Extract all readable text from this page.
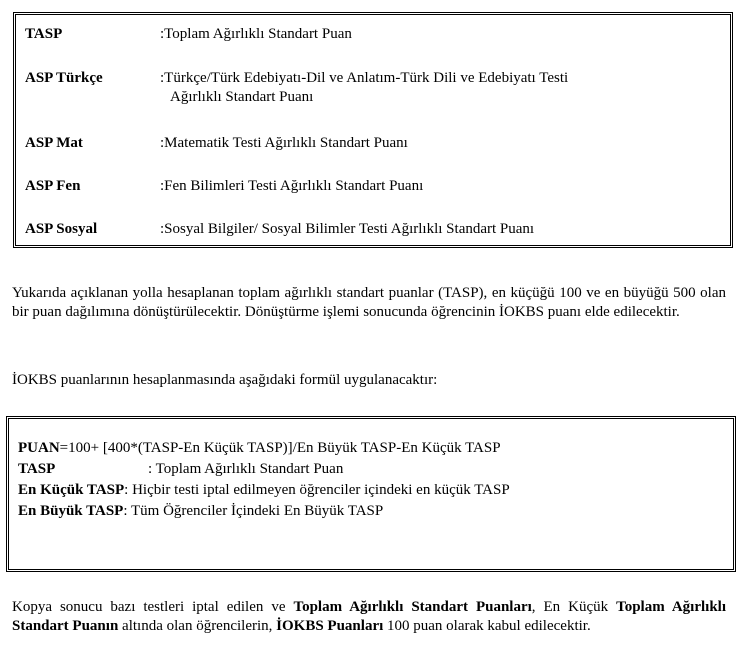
TASP	:Toplam Ağırlıklı Standart Puan
ASP Türkçe	:Türkçe/Türk Edebiyatı-Dil ve Anlatım-Türk Dili ve Edebiyatı Testi
Ağırlıklı Standart Puanı
ASP Mat	:Matematik Testi Ağırlıklı Standart Puanı
ASP Fen	:Fen Bilimleri Testi Ağırlıklı Standart Puanı
ASP Sosyal	:Sosyal Bilgiler/ Sosyal Bilimler Testi Ağırlıklı Standart Puanı
Yukarıda açıklanan yolla hesaplanan toplam ağırlıklı standart puanlar (TASP), en küçüğü 100 ve en büyüğü 500 olan bir puan dağılımına dönüştürülecektir. Dönüştürme işlemi sonucunda öğrencinin İOKBS puanı elde edilecektir.
İOKBS puanlarının hesaplanmasında aşağıdaki formül uygulanacaktır:
PUAN=100+ [400*(TASP-En Küçük TASP)]/En Büyük TASP-En Küçük TASP
TASP	: Toplam Ağırlıklı Standart Puan
En Küçük TASP: Hiçbir testi iptal edilmeyen öğrenciler içindeki en küçük TASP
En Büyük TASP: Tüm Öğrenciler İçindeki En Büyük TASP
Kopya sonucu bazı testleri iptal edilen ve Toplam Ağırlıklı Standart Puanları, En Küçük Toplam Ağırlıklı Standart Puanın altında olan öğrencilerin, İOKBS Puanları 100 puan olarak kabul edilecektir.
